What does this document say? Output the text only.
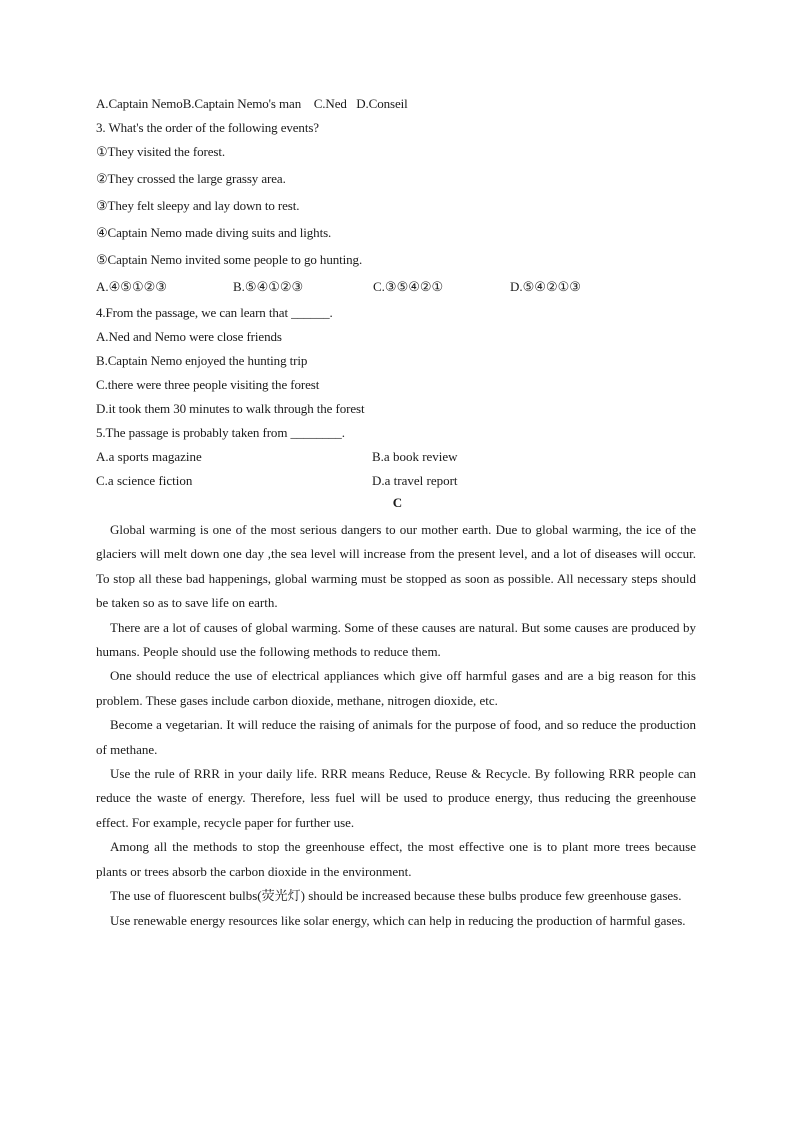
A.Captain NemoB.Captain Nemo's man    C.Ned   D.Conseil
3. What's the order of the following events?
①They visited the forest.
②They crossed the large grassy area.
③They felt sleepy and lay down to rest.
④Captain Nemo made diving suits and lights.
⑤Captain Nemo invited some people to go hunting.
A.④⑤①②③	B.⑤④①②③	C.③⑤④②①	D.⑤④②①③
4.From the passage, we can learn that ______.
A.Ned and Nemo were close friends
B.Captain Nemo enjoyed the hunting trip
C.there were three people visiting the forest
D.it took them 30 minutes to walk through the forest
5.The passage is probably taken from ________.
A.a sports magazine	B.a book review
C.a science fiction	D.a travel report
C

Global warming is one of the most serious dangers to our mother earth. Due to global warming, the ice of the glaciers will melt down one day ,the sea level will increase from the present level, and a lot of diseases will occur. To stop all these bad happenings, global warming must be stopped as soon as possible. All necessary steps should be taken so as to save life on earth.

There are a lot of causes of global warming. Some of these causes are natural. But some causes are produced by humans. People should use the following methods to reduce them.

One should reduce the use of electrical appliances which give off harmful gases and are a big reason for this problem. These gases include carbon dioxide, methane, nitrogen dioxide, etc.

Become a vegetarian. It will reduce the raising of animals for the purpose of food, and so reduce the production of methane.

Use the rule of RRR in your daily life. RRR means Reduce, Reuse & Recycle. By following RRR people can reduce the waste of energy. Therefore, less fuel will be used to produce energy, thus reducing the greenhouse effect. For example, recycle paper for further use.

Among all the methods to stop the greenhouse effect, the most effective one is to plant more trees because plants or trees absorb the carbon dioxide in the environment.

The use of fluorescent bulbs(荧光灯) should be increased because these bulbs produce few greenhouse gases.

Use renewable energy resources like solar energy, which can help in reducing the production of harmful gases.
